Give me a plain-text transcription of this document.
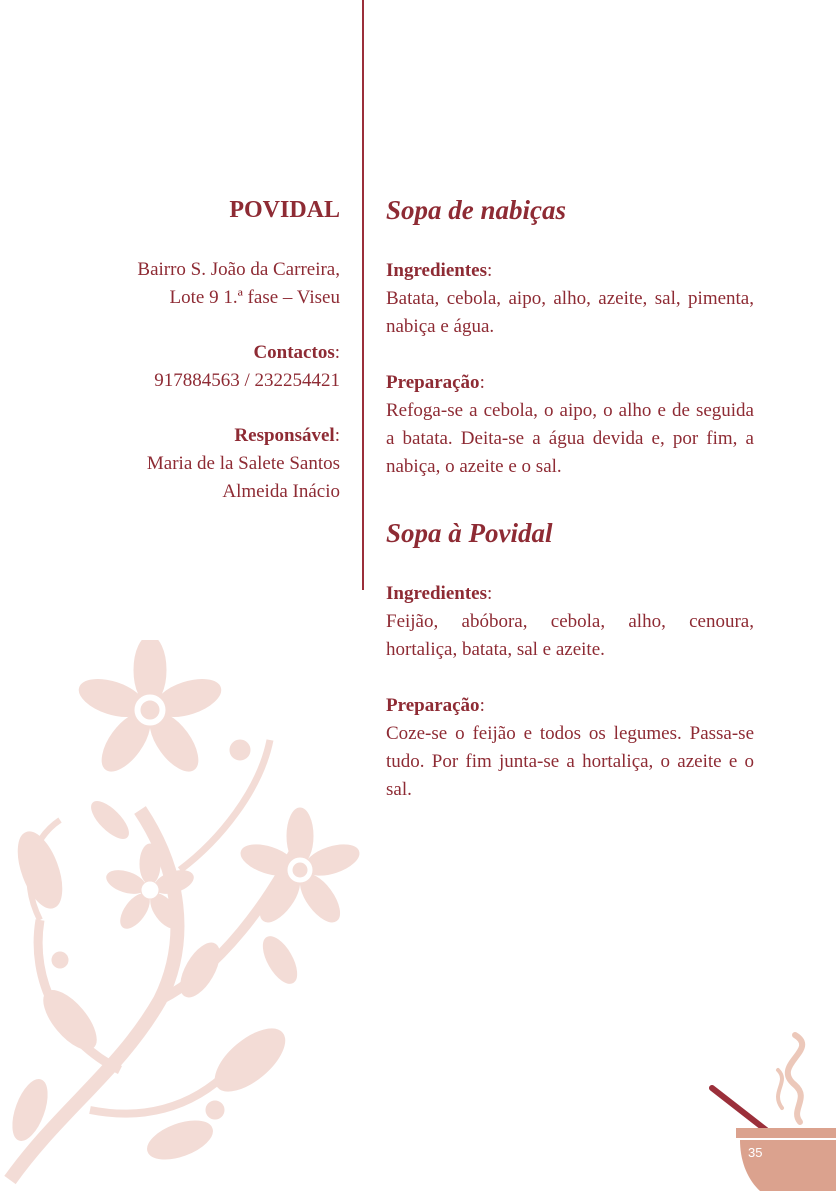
POVIDAL

Bairro S. João da Carreira,
Lote 9 1.ª fase – Viseu
Contactos:
917884563 / 232254421
Responsável:
Maria de la Salete Santos
Almeida Inácio

Sopa de nabiças

Ingredientes:

Batata, cebola, aipo, alho, azeite, sal, pimenta, nabiça e água.

Preparação:

Refoga-se a cebola, o aipo, o alho e de seguida a batata. Deita-se a água devida e, por fim, a nabiça, o azeite e o sal.

Sopa à Povidal

Ingredientes:

Feijão, abóbora, cebola, alho, cenoura, hortaliça, batata, sal e azeite.

Preparação:

Coze-se o feijão e todos os legumes. Passa-se tudo. Por fim junta-se a hortaliça, o azeite e o sal.

35
